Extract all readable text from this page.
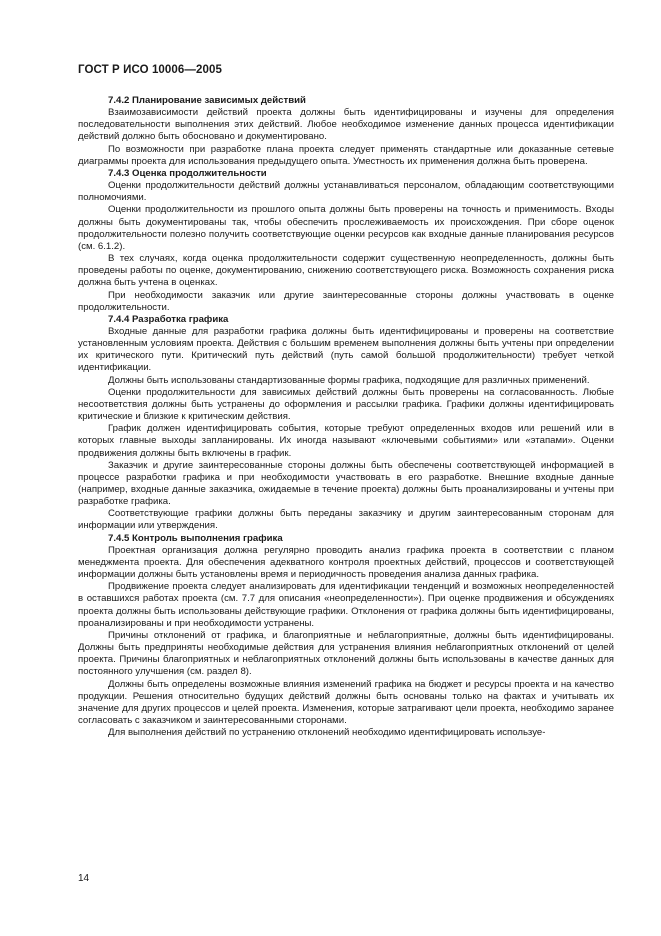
ГОСТ Р ИСО 10006—2005
7.4.2 Планирование зависимых действий

Взаимозависимости действий проекта должны быть идентифицированы и изучены для определения последовательности выполнения этих действий. Любое необходимое изменение данных процесса идентификации действий должно быть обосновано и документировано.

По возможности при разработке плана проекта следует применять стандартные или доказанные сетевые диаграммы проекта для использования предыдущего опыта. Уместность их применения должна быть проверена.

7.4.3 Оценка продолжительности

Оценки продолжительности действий должны устанавливаться персоналом, обладающим соответствующими полномочиями.

Оценки продолжительности из прошлого опыта должны быть проверены на точность и применимость. Входы должны быть документированы так, чтобы обеспечить прослеживаемость их происхождения. При сборе оценок продолжительности полезно получить соответствующие оценки ресурсов как входные данные планирования ресурсов (см. 6.1.2).

В тех случаях, когда оценка продолжительности содержит существенную неопределенность, должны быть проведены работы по оценке, документированию, снижению соответствующего риска. Возможность сохранения риска должна быть учтена в оценках.

При необходимости заказчик или другие заинтересованные стороны должны участвовать в оценке продолжительности.

7.4.4 Разработка графика

Входные данные для разработки графика должны быть идентифицированы и проверены на соответствие установленным условиям проекта. Действия с большим временем выполнения должны быть учтены при определении их критического пути. Критический путь действий (путь самой большой продолжительности) требует четкой идентификации.

Должны быть использованы стандартизованные формы графика, подходящие для различных применений.

Оценки продолжительности для зависимых действий должны быть проверены на согласованность. Любые несоответствия должны быть устранены до оформления и рассылки графика. Графики должны идентифицировать критические и близкие к критическим действия.

График должен идентифицировать события, которые требуют определенных входов или решений или в которых главные выходы запланированы. Их иногда называют «ключевыми событиями» или «этапами». Оценки продвижения должны быть включены в график.

Заказчик и другие заинтересованные стороны должны быть обеспечены соответствующей информацией в процессе разработки графика и при необходимости участвовать в его разработке. Внешние входные данные (например, входные данные заказчика, ожидаемые в течение проекта) должны быть проанализированы и учтены при разработке графика.

Соответствующие графики должны быть переданы заказчику и другим заинтересованным сторонам для информации или утверждения.

7.4.5 Контроль выполнения графика

Проектная организация должна регулярно проводить анализ графика проекта в соответствии с планом менеджмента проекта. Для обеспечения адекватного контроля проектных действий, процессов и соответствующей информации должны быть установлены время и периодичность проведения анализа данных графика.

Продвижение проекта следует анализировать для идентификации тенденций и возможных неопределенностей в оставшихся работах проекта (см. 7.7 для описания «неопределенности»). При оценке продвижения и обсуждениях проекта должны быть использованы действующие графики. Отклонения от графика должны быть идентифицированы, проанализированы и при необходимости устранены.

Причины отклонений от графика, и благоприятные и неблагоприятные, должны быть идентифицированы. Должны быть предприняты необходимые действия для устранения влияния неблагоприятных отклонений от целей проекта. Причины благоприятных и неблагоприятных отклонений должны быть использованы в качестве данных для постоянного улучшения (см. раздел 8).

Должны быть определены возможные влияния изменений графика на бюджет и ресурсы проекта и на качество продукции. Решения относительно будущих действий должны быть основаны только на фактах и учитывать их значение для других процессов и целей проекта. Изменения, которые затрагивают цели проекта, необходимо заранее согласовать с заказчиком и заинтересованными сторонами.

Для выполнения действий по устранению отклонений необходимо идентифицировать используе-

14
